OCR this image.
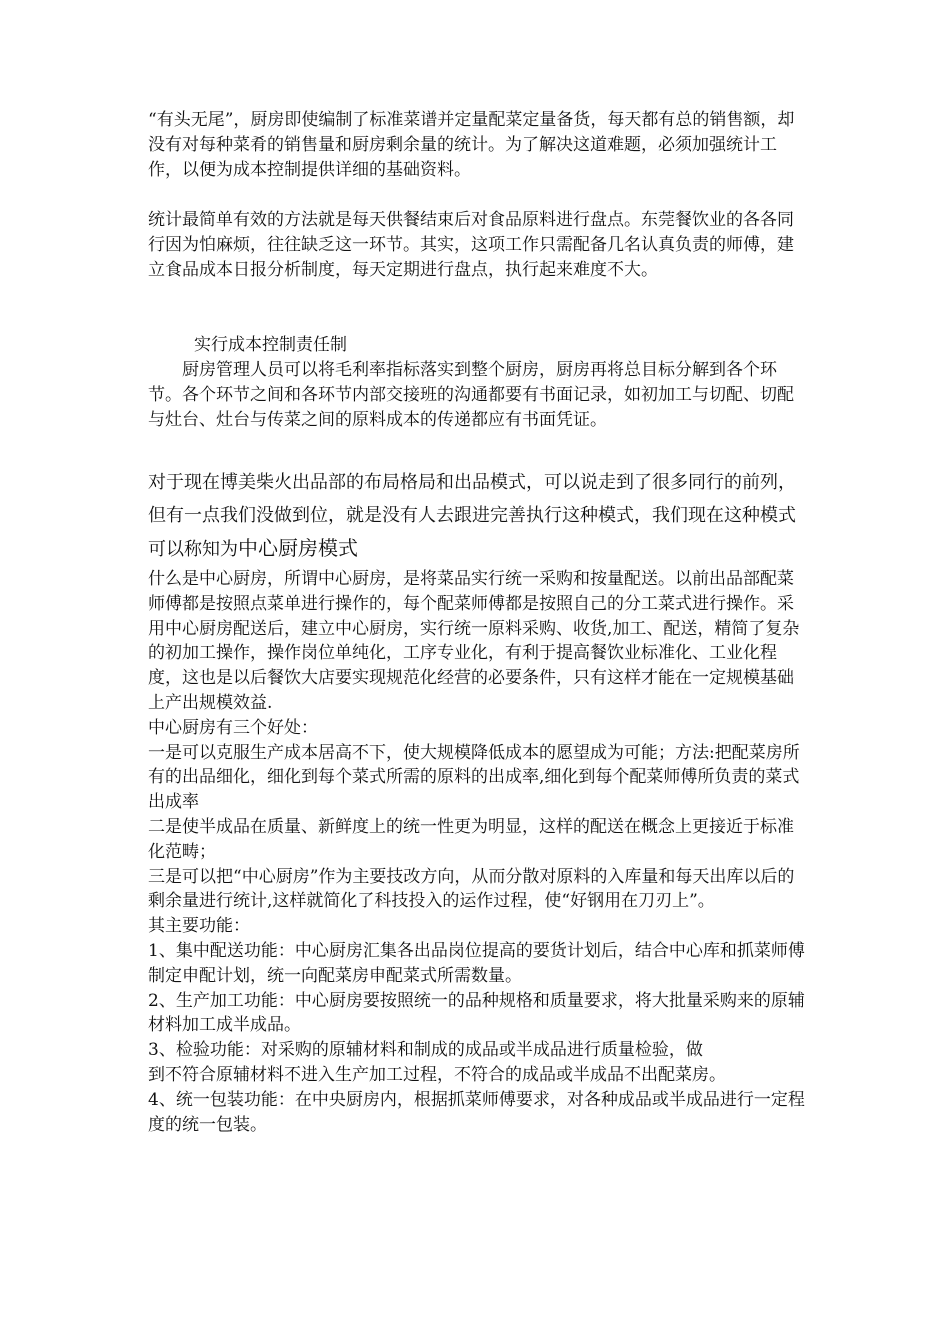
“有头无尾”，厨房即使编制了标准菜谱并定量配菜定量备货，每天都有总的销售额，却没有对每种菜肴的销售量和厨房剩余量的统计。为了解决这道难题，必须加强统计工作，以便为成本控制提供详细的基础资料。

统计最简单有效的方法就是每天供餐结束后对食品原料进行盘点。东莞餐饮业的各各同行因为怕麻烦，往往缺乏这一环节。其实，这项工作只需配备几名认真负责的师傅，建立食品成本日报分析制度，每天定期进行盘点，执行起来难度不大。

实行成本控制责任制

厨房管理人员可以将毛利率指标落实到整个厨房，厨房再将总目标分解到各个环节。各个环节之间和各环节内部交接班的沟通都要有书面记录，如初加工与切配、切配与灶台、灶台与传菜之间的原料成本的传递都应有书面凭证。

对于现在博美柴火出品部的布局格局和出品模式，可以说走到了很多同行的前列，但有一点我们没做到位，就是没有人去跟进完善执行这种模式，我们现在这种模式可以称知为中心厨房模式

什么是中心厨房，所谓中心厨房，是将菜品实行统一采购和按量配送。以前出品部配菜师傅都是按照点菜单进行操作的，每个配菜师傅都是按照自己的分工菜式进行操作。采用中心厨房配送后，建立中心厨房，实行统一原料采购、收货,加工、配送，精简了复杂的初加工操作，操作岗位单纯化，工序专业化，有利于提高餐饮业标准化、工业化程度，这也是以后餐饮大店要实现规范化经营的必要条件，只有这样才能在一定规模基础上产出规模效益.

中心厨房有三个好处：
一是可以克服生产成本居高不下，使大规模降低成本的愿望成为可能；方法:把配菜房所有的出品细化，细化到每个菜式所需的原料的出成率,细化到每个配菜师傅所负责的菜式出成率
二是使半成品在质量、新鲜度上的统一性更为明显，这样的配送在概念上更接近于标准化范畴；
三是可以把“中心厨房”作为主要技改方向，从而分散对原料的入库量和每天出库以后的剩余量进行统计,这样就简化了科技投入的运作过程，使“好钢用在刀刃上”。
其主要功能：
1、集中配送功能：中心厨房汇集各出品岗位提高的要货计划后，结合中心库和抓菜师傅制定申配计划，统一向配菜房申配菜式所需数量。
2、生产加工功能：中心厨房要按照统一的品种规格和质量要求，将大批量采购来的原辅材料加工成半成品。
3、检验功能：对采购的原辅材料和制成的成品或半成品进行质量检验，做
到不符合原辅材料不进入生产加工过程，不符合的成品或半成品不出配菜房。
4、统一包装功能：在中央厨房内，根据抓菜师傅要求，对各种成品或半成品进行一定程度的统一包装。
